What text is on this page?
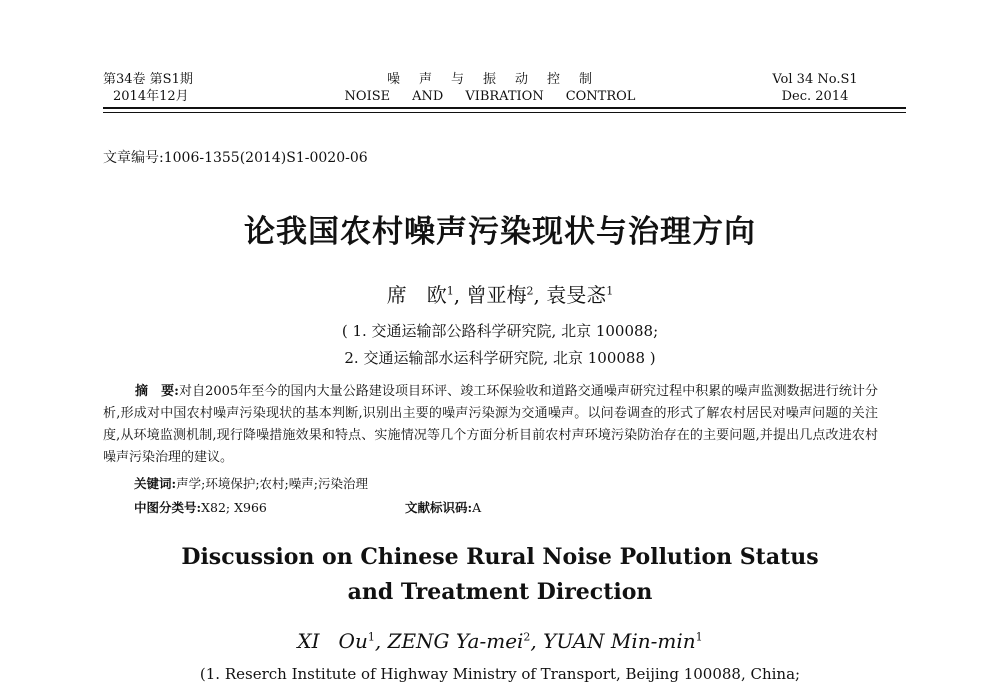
第34卷 第S1期
2014年12月
噪 声 与 振 动 控 制
NOISE AND VIBRATION CONTROL
Vol 34 No.S1
Dec. 2014
文章编号:1006-1355(2014)S1-0020-06
论我国农村噪声污染现状与治理方向
席　欧$^1$, 曾亚梅$^2$, 袁旻忞$^1$
( 1. 交通运输部公路科学研究院, 北京 100088;
2. 交通运输部水运科学研究院, 北京 100088 )
摘　要:对自2005年至今的国内大量公路建设项目环评、竣工环保验收和道路交通噪声研究过程中积累的噪声监测数据进行统计分析,形成对中国农村噪声污染现状的基本判断,识别出主要的噪声污染源为交通噪声。以问卷调查的形式了解农村居民对噪声问题的关注度,从环境监测机制,现行降噪措施效果和特点、实施情况等几个方面分析目前农村声环境污染防治存在的主要问题,并提出几点改进农村噪声污染治理的建议。
关键词:声学;环境保护;农村;噪声;污染治理
中图分类号:X82; X966	文献标识码:A
Discussion on Chinese Rural Noise Pollution Status
and Treatment Direction
XI   Ou$^1$, ZENG Ya-mei$^2$, YUAN Min-$\min^1$
(1. Reserch Institute of Highway Ministry of Transport, Beijing 100088, China;
